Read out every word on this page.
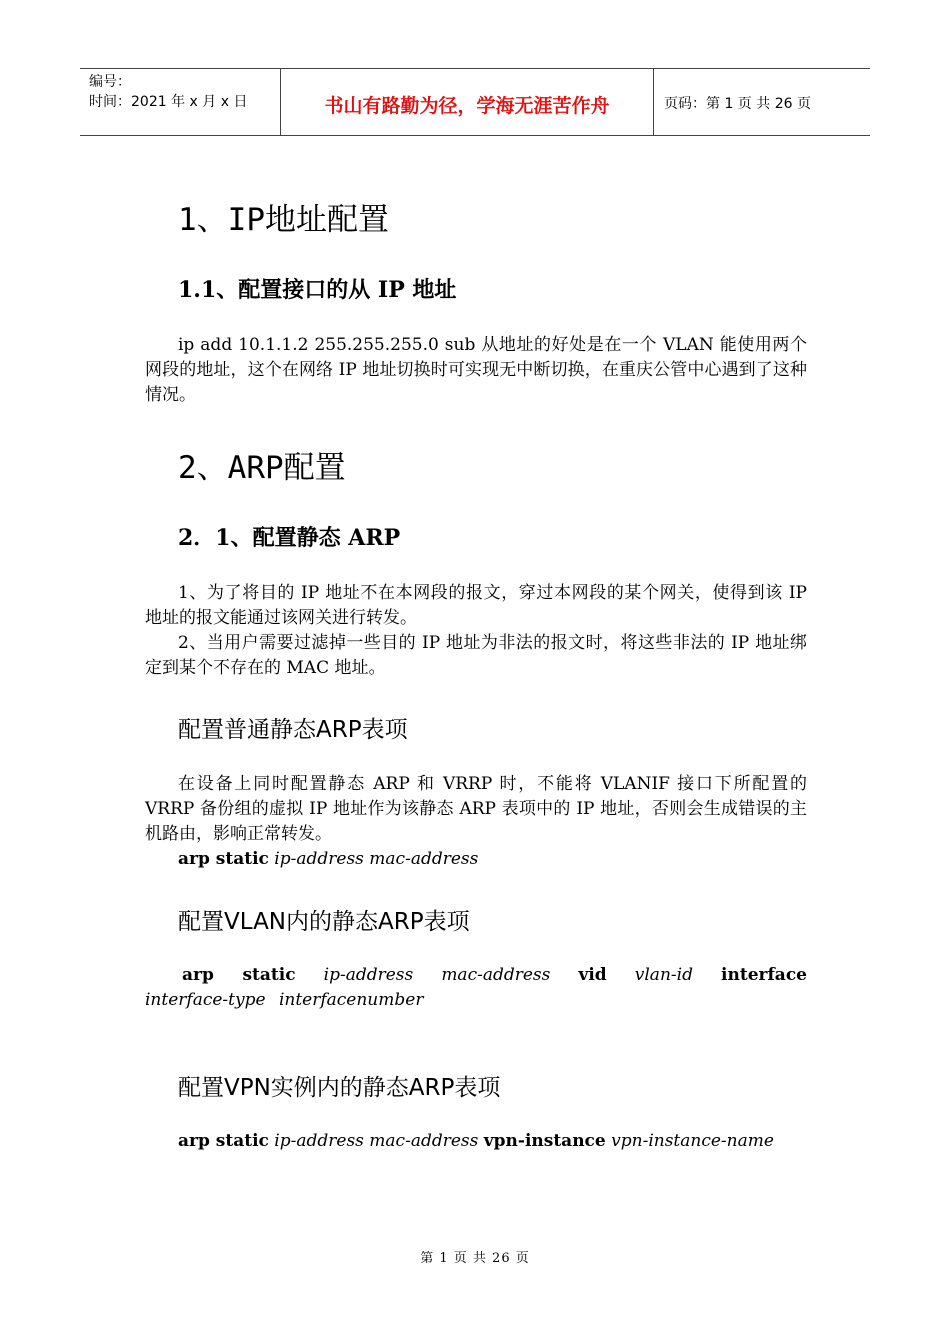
编号：
时间：2021 年 x 月 x 日	书山有路勤为径，学海无涯苦作舟	页码：第 1 页 共 26 页
1、IP地址配置
1.1、配置接口的从 IP 地址

ip add 10.1.1.2 255.255.255.0 sub 从地址的好处是在一个 VLAN 能使用两个网段的地址，这个在网络 IP 地址切换时可实现无中断切换，在重庆公管中心遇到了这种情况。

2、ARP配置
2．1、配置静态 ARP

1、为了将目的 IP 地址不在本网段的报文，穿过本网段的某个网关，使得到该 IP 地址的报文能通过该网关进行转发。

2、当用户需要过滤掉一些目的 IP 地址为非法的报文时，将这些非法的 IP 地址绑定到某个不存在的 MAC 地址。

配置普通静态ARP表项

在设备上同时配置静态 ARP 和 VRRP 时，不能将 VLANIF 接口下所配置的 VRRP 备份组的虚拟 IP 地址作为该静态 ARP 表项中的 IP 地址，否则会生成错误的主机路由，影响正常转发。

arp static ip-address mac-address

配置VLAN内的静态ARP表项

arp static ip-address mac-address vid vlan-id interface interface-type interfacenumber

配置VPN实例内的静态ARP表项

arp static ip-address mac-address vpn-instance vpn-instance-name

第 1 页 共 26 页
